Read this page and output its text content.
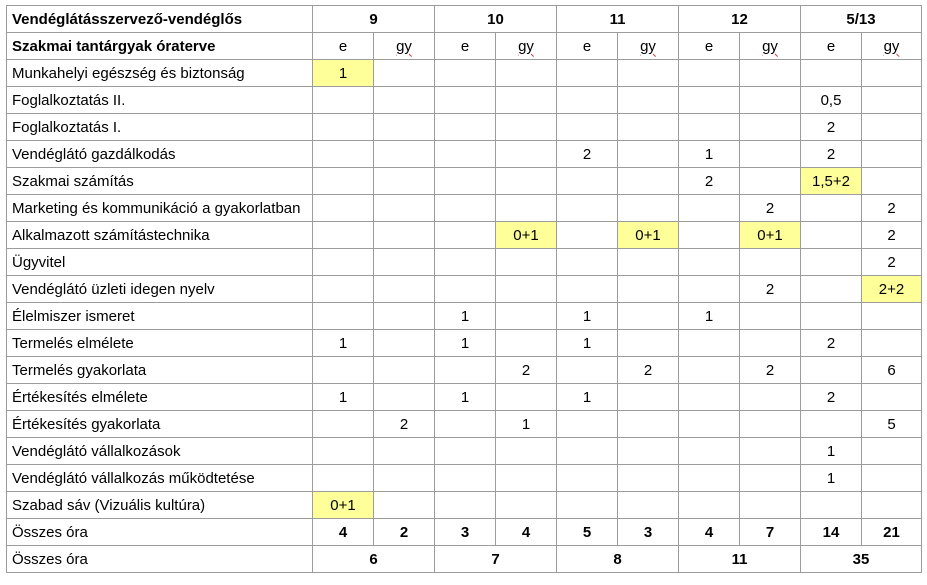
Vendéglátásszervező-vendéglős	9		10		11		12		5/13	
Szakmai tantárgyak óraterve	e	gy	e	gy	e	gy	e	gy	e	gy
Munkahelyi egészség és biztonság	1									
Foglalkoztatás II.									0,5	
Foglalkoztatás I.									2	
Vendéglátó gazdálkodás					2		1		2	
Szakmai számítás							2		1,5+2	
Marketing és kommunikáció a gyakorlatban								2		2
Alkalmazott számítástechnika				0+1		0+1		0+1		2
Ügyvitel										2
Vendéglátó üzleti idegen nyelv								2		2+2
Élelmiszer ismeret			1		1		1			
Termelés elmélete	1		1		1				2	
Termelés gyakorlata				2		2		2		6
Értékesítés elmélete	1		1		1				2	
Értékesítés gyakorlata		2		1						5
Vendéglátó vállalkozások									1	
Vendéglátó vállalkozás működtetése									1	
Szabad sáv (Vizuális kultúra)	0+1									
Összes óra	4	2	3	4	5	3	4	7	14	21
Összes óra	6		7		8		11		35	
